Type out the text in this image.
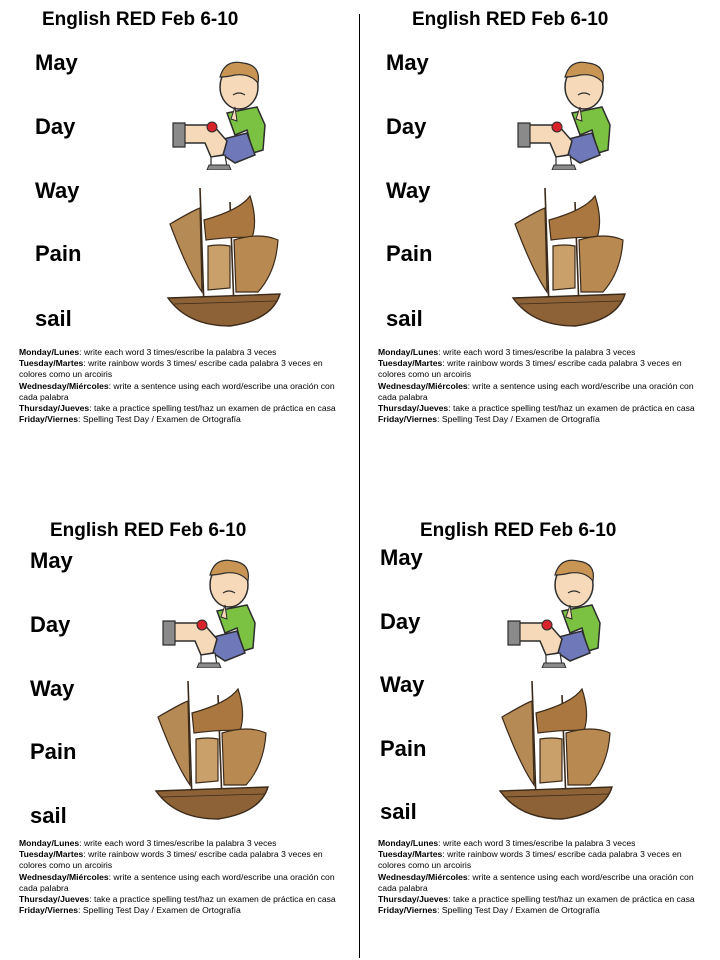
English RED Feb 6-10
May
Day
Way
Pain
sail
Monday/Lunes: write each word 3 times/escribe la palabra 3 veces
Tuesday/Martes: write rainbow words 3 times/ escribe cada palabra 3 veces en colores como un arcoiris
Wednesday/Miércoles: write a sentence using each word/escribe una oración con cada palabra
Thursday/Jueves: take a practice spelling test/haz un examen de práctica en casa
Friday/Viernes: Spelling Test Day / Examen de Ortografía
English RED Feb 6-10
May
Day
Way
Pain
sail
Monday/Lunes: write each word 3 times/escribe la palabra 3 veces
Tuesday/Martes: write rainbow words 3 times/ escribe cada palabra 3 veces en colores como un arcoiris
Wednesday/Miércoles: write a sentence using each word/escribe una oración con cada palabra
Thursday/Jueves: take a practice spelling test/haz un examen de práctica en casa
Friday/Viernes: Spelling Test Day / Examen de Ortografía
English RED Feb 6-10
May
Day
Way
Pain
sail
Monday/Lunes: write each word 3 times/escribe la palabra 3 veces
Tuesday/Martes: write rainbow words 3 times/ escribe cada palabra 3 veces en colores como un arcoiris
Wednesday/Miércoles: write a sentence using each word/escribe una oración con cada palabra
Thursday/Jueves: take a practice spelling test/haz un examen de práctica en casa
Friday/Viernes: Spelling Test Day / Examen de Ortografía
English RED Feb 6-10
May
Day
Way
Pain
sail
Monday/Lunes: write each word 3 times/escribe la palabra 3 veces
Tuesday/Martes: write rainbow words 3 times/ escribe cada palabra 3 veces en colores como un arcoiris
Wednesday/Miércoles: write a sentence using each word/escribe una oración con cada palabra
Thursday/Jueves: take a practice spelling test/haz un examen de práctica en casa
Friday/Viernes: Spelling Test Day / Examen de Ortografía
